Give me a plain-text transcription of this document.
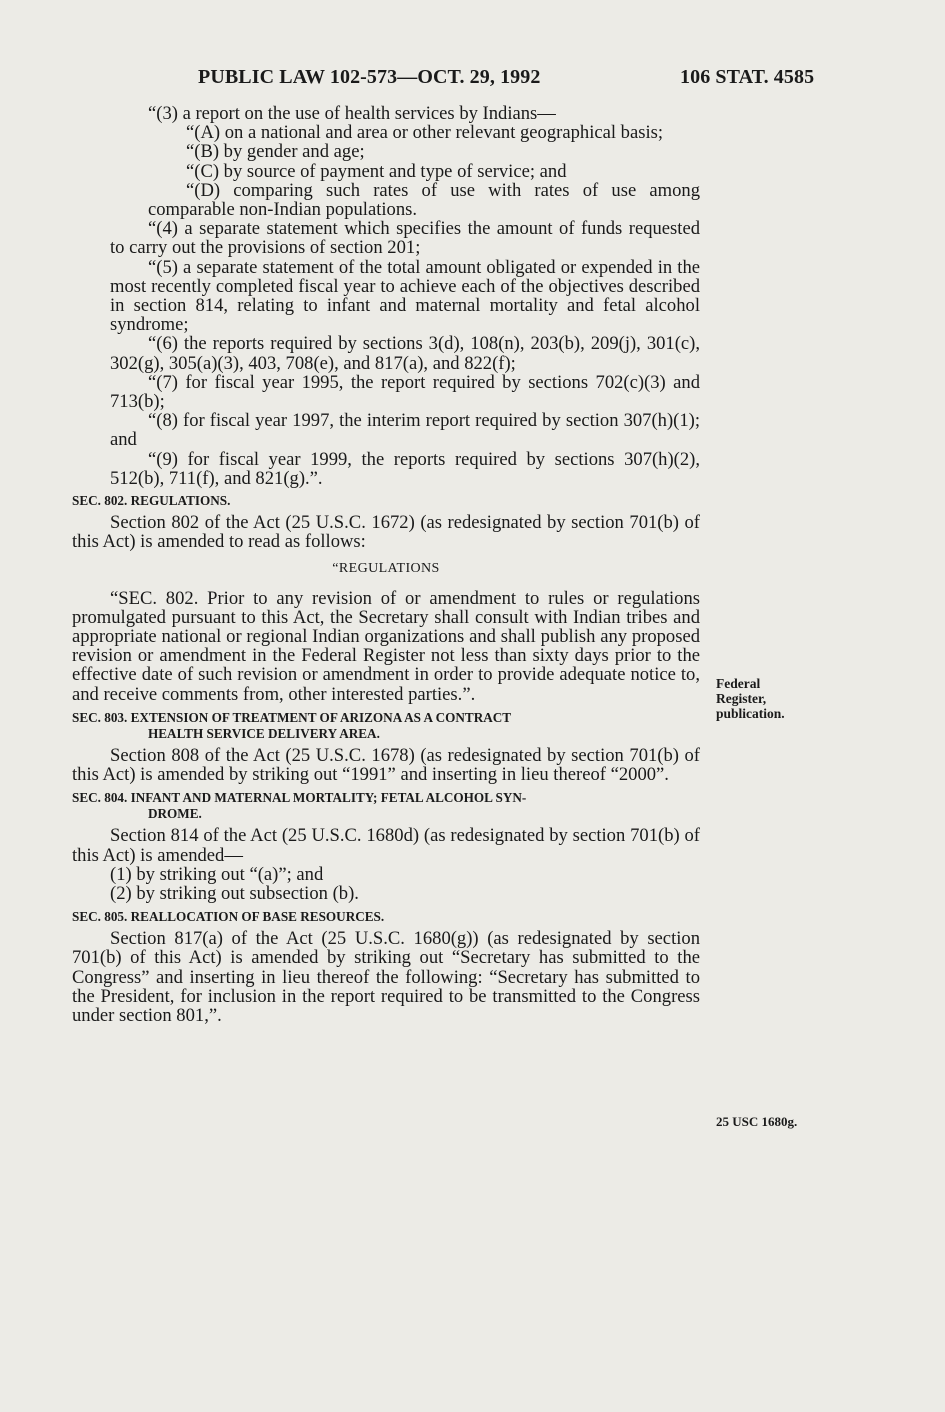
PUBLIC LAW 102-573—OCT. 29, 1992	106 STAT. 4585

“(3) a report on the use of health services by Indians—

“(A) on a national and area or other relevant geographical basis;

“(B) by gender and age;

“(C) by source of payment and type of service; and

“(D) comparing such rates of use with rates of use among comparable non-Indian populations.

“(4) a separate statement which specifies the amount of funds requested to carry out the provisions of section 201;

“(5) a separate statement of the total amount obligated or expended in the most recently completed fiscal year to achieve each of the objectives described in section 814, relating to infant and maternal mortality and fetal alcohol syndrome;

“(6) the reports required by sections 3(d), 108(n), 203(b), 209(j), 301(c), 302(g), 305(a)(3), 403, 708(e), and 817(a), and 822(f);

“(7) for fiscal year 1995, the report required by sections 702(c)(3) and 713(b);

“(8) for fiscal year 1997, the interim report required by section 307(h)(1); and

“(9) for fiscal year 1999, the reports required by sections 307(h)(2), 512(b), 711(f), and 821(g).”.

SEC. 802. REGULATIONS.

Section 802 of the Act (25 U.S.C. 1672) (as redesignated by section 701(b) of this Act) is amended to read as follows:

“REGULATIONS

“SEC. 802. Prior to any revision of or amendment to rules or regulations promulgated pursuant to this Act, the Secretary shall consult with Indian tribes and appropriate national or regional Indian organizations and shall publish any proposed revision or amendment in the Federal Register not less than sixty days prior to the effective date of such revision or amendment in order to provide adequate notice to, and receive comments from, other interested parties.”.

SEC. 803. EXTENSION OF TREATMENT OF ARIZONA AS A CONTRACT
HEALTH SERVICE DELIVERY AREA.

Section 808 of the Act (25 U.S.C. 1678) (as redesignated by section 701(b) of this Act) is amended by striking out “1991” and inserting in lieu thereof “2000”.

SEC. 804. INFANT AND MATERNAL MORTALITY; FETAL ALCOHOL SYN-
DROME.

Section 814 of the Act (25 U.S.C. 1680d) (as redesignated by section 701(b) of this Act) is amended—

(1) by striking out “(a)”; and

(2) by striking out subsection (b).

SEC. 805. REALLOCATION OF BASE RESOURCES.

Section 817(a) of the Act (25 U.S.C. 1680(g)) (as redesignated by section 701(b) of this Act) is amended by striking out “Secretary has submitted to the Congress” and inserting in lieu thereof the following: “Secretary has submitted to the President, for inclusion in the report required to be transmitted to the Congress under section 801,”.

Federal
Register,
publication.
25 USC 1680g.
